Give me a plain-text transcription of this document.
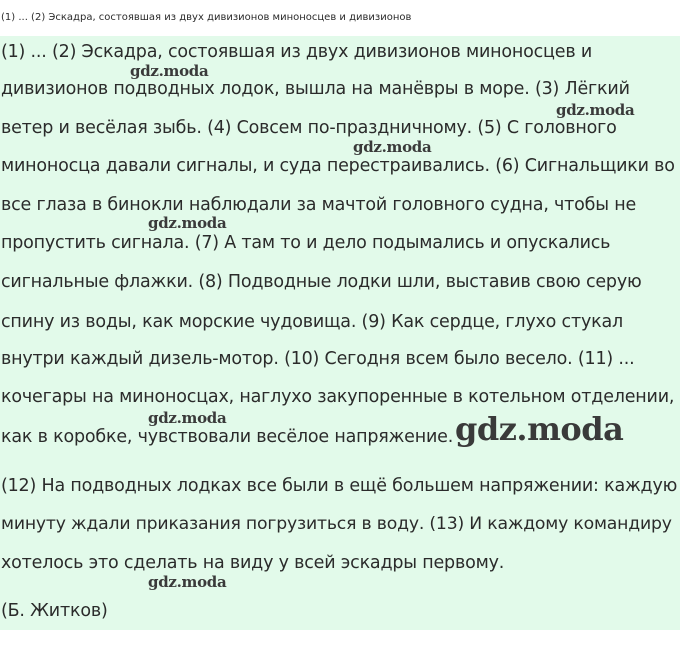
(1) ... (2) Эскадра, состоявшая из двух дивизионов миноносцев и дивизионов
(1) ... (2) Эскадра, состоявшая из двух дивизионов миноносцев и
дивизионов подводных лодок, вышла на манёвры в море. (3) Лёгкий
ветер и весёлая зыбь. (4) Совсем по-праздничному. (5) С головного
миноносца давали сигналы, и суда перестраивались. (6) Сигнальщики во
все глаза в бинокли наблюдали за мачтой головного судна, чтобы не
пропустить сигнала. (7) А там то и дело подымались и опускались
сигнальные флажки. (8) Подводные лодки шли, выставив свою серую
спину из воды, как морские чудовища. (9) Как сердце, глухо стукал
внутри каждый дизель-мотор. (10) Сегодня всем было весело. (11) ...
кочегары на миноносцах, наглухо закупоренные в котельном отделении,
как в коробке, чувствовали весёлое напряжение.
(12) На подводных лодках все были в ещё большем напряжении: каждую
минуту ждали приказания погрузиться в воду. (13) И каждому командиру
хотелось это сделать на виду у всей эскадры первому.
(Б. Житков)
gdz.moda
gdz.moda
gdz.moda
gdz.moda
gdz.moda	gdz.moda
gdz.moda
